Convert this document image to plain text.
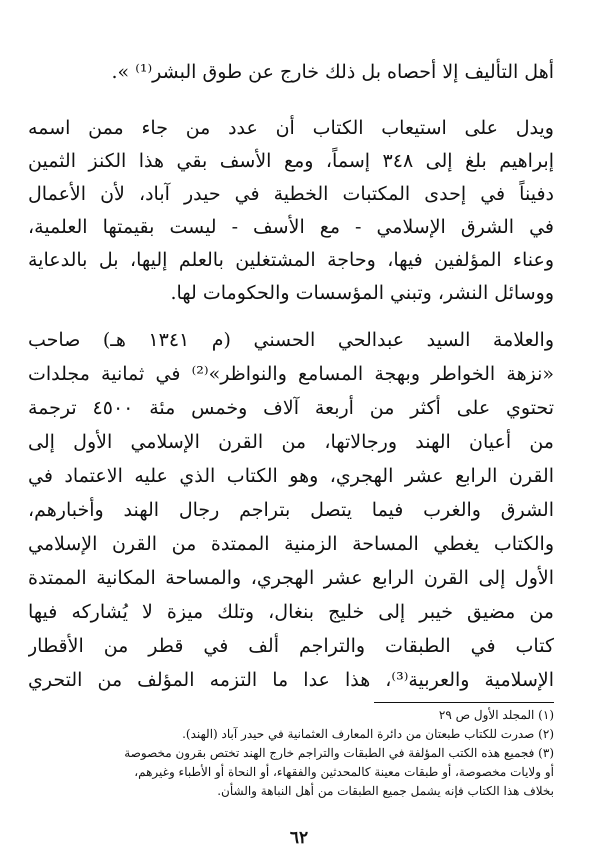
أهل التأليف إلا أحصاه بل ذلك خارج عن طوق البشر⁽¹⁾ ».
ويدل على استيعاب الكتاب أن عدد من جاء ممن اسمه
إبراهيم بلغ إلى ٣٤٨ إسماً، ومع الأسف بقي هذا الكنز الثمين
دفيناً في إحدى المكتبات الخطية في حيدر آباد، لأن الأعمال
في الشرق الإسلامي - مع الأسف - ليست بقيمتها العلمية،
وعناء المؤلفين فيها، وحاجة المشتغلين بالعلم إليها، بل بالدعاية
ووسائل النشر، وتبني المؤسسات والحكومات لها.
والعلامة السيد عبدالحي الحسني (م ١٣٤١ هـ) صاحب
«نزهة الخواطر وبهجة المسامع والنواظر»⁽²⁾ في ثمانية مجلدات
تحتوي على أكثر من أربعة آلاف وخمس مئة ٤٥٠٠ ترجمة
من أعيان الهند ورجالاتها، من القرن الإسلامي الأول إلى
القرن الرابع عشر الهجري، وهو الكتاب الذي عليه الاعتماد في
الشرق والغرب فيما يتصل بتراجم رجال الهند وأخبارهم،
والكتاب يغطي المساحة الزمنية الممتدة من القرن الإسلامي
الأول إلى القرن الرابع عشر الهجري، والمساحة المكانية الممتدة
من مضيق خيبر إلى خليج بنغال، وتلك ميزة لا يُشاركه فيها
كتاب في الطبقات والتراجم ألف في قطر من الأقطار
الإسلامية والعربية⁽³⁾، هذا عدا ما التزمه المؤلف من التحري
(١) المجلد الأول ص ٢٩
(٢) صدرت للكتاب طبعتان من دائرة المعارف العثمانية في حيدر آباد (الهند).
(٣) فجميع هذه الكتب المؤلفة في الطبقات والتراجم خارج الهند تختص بقرون مخصوصة
أو ولايات مخصوصة، أو طبقات معينة كالمحدثين والفقهاء، أو النحاة أو الأطباء وغيرهم،
بخلاف هذا الكتاب فإنه يشمل جميع الطبقات من أهل النباهة والشأن.
٦٢
